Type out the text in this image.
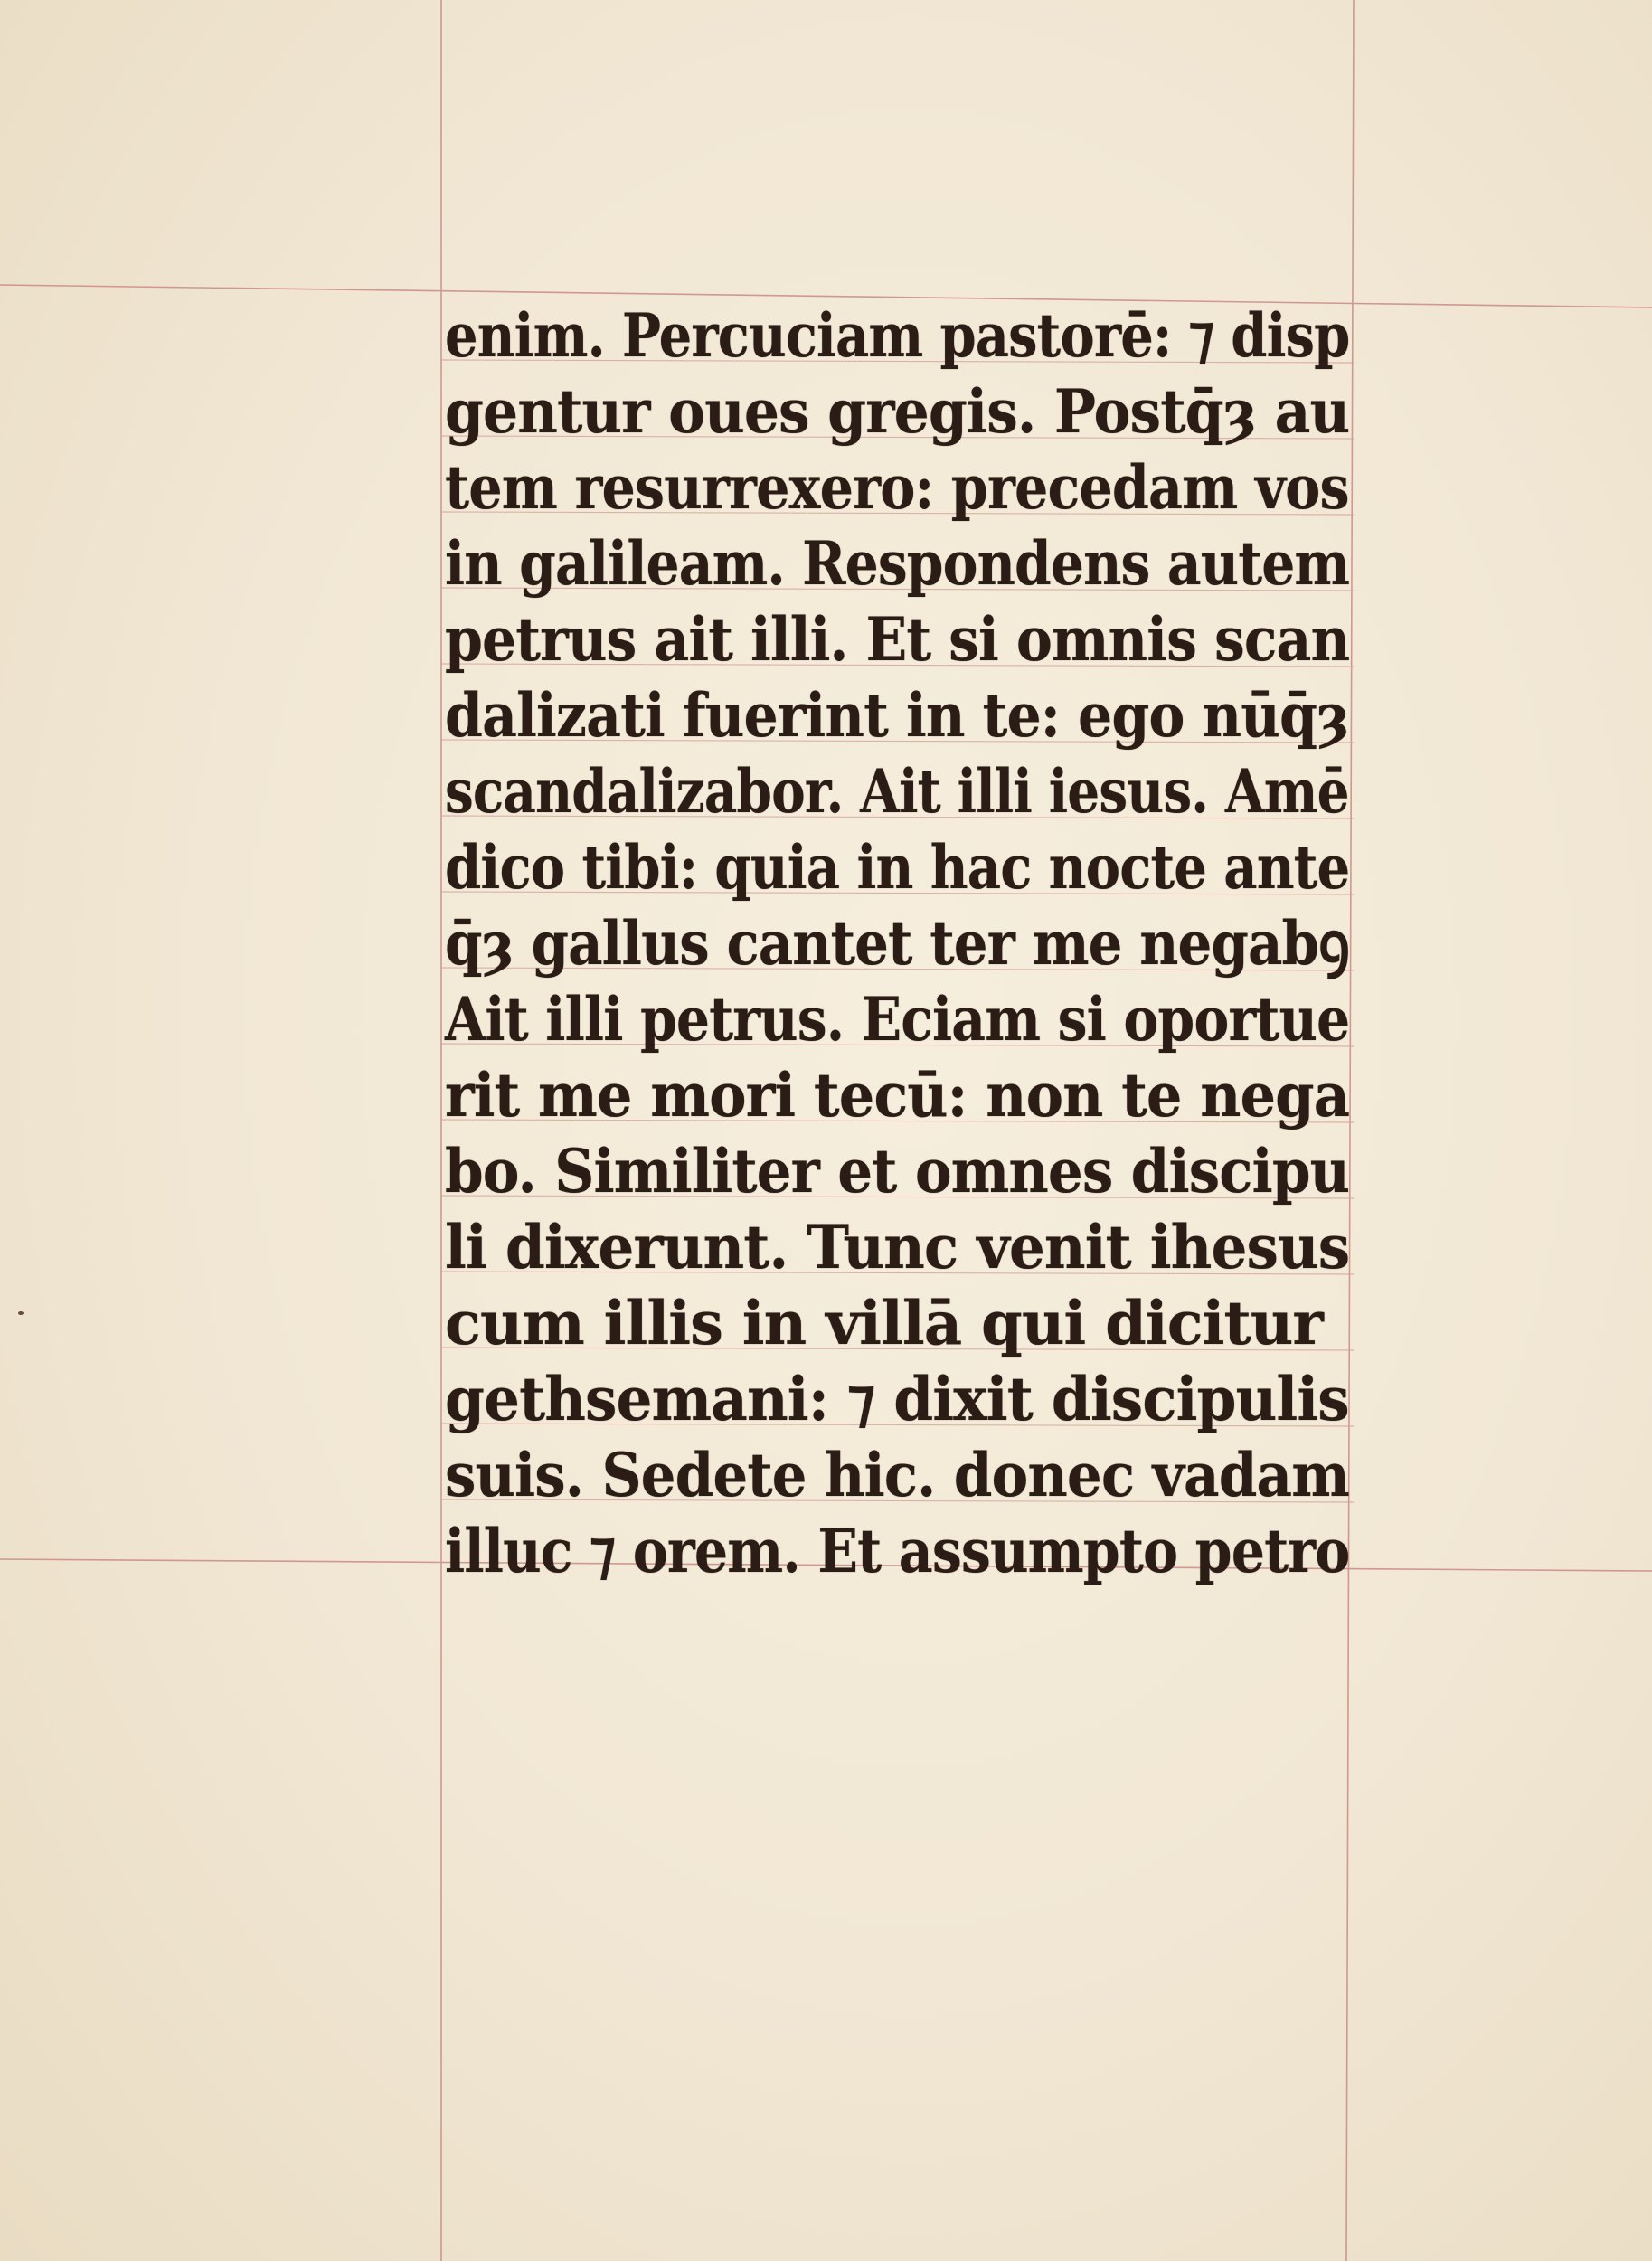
enim. Percuciam pastorē: ⁊ disp
gentur oues gregis. Postq̄ȝ au
tem resurrexero: precedam vos
in galileam. Respondens autem
petrus ait illi. Et si omnis scan
dalizati fuerint in te: ego nūq̄ȝ
scandalizabor. Ait illi iesus. Amē
dico tibi: quia in hac nocte ante
q̄ȝ gallus cantet ter me negabꝯ
Ait illi petrus. Eciam si oportue
rit me mori tecū: non te nega
bo. Similiter et omnes discipu
li dixerunt. Tunc venit ihesus
cum illis in villā qui dicitur
gethsemani: ⁊ dixit discipulis
suis. Sedete hic. donec vadam
illuc ⁊ orem. Et assumpto petro
